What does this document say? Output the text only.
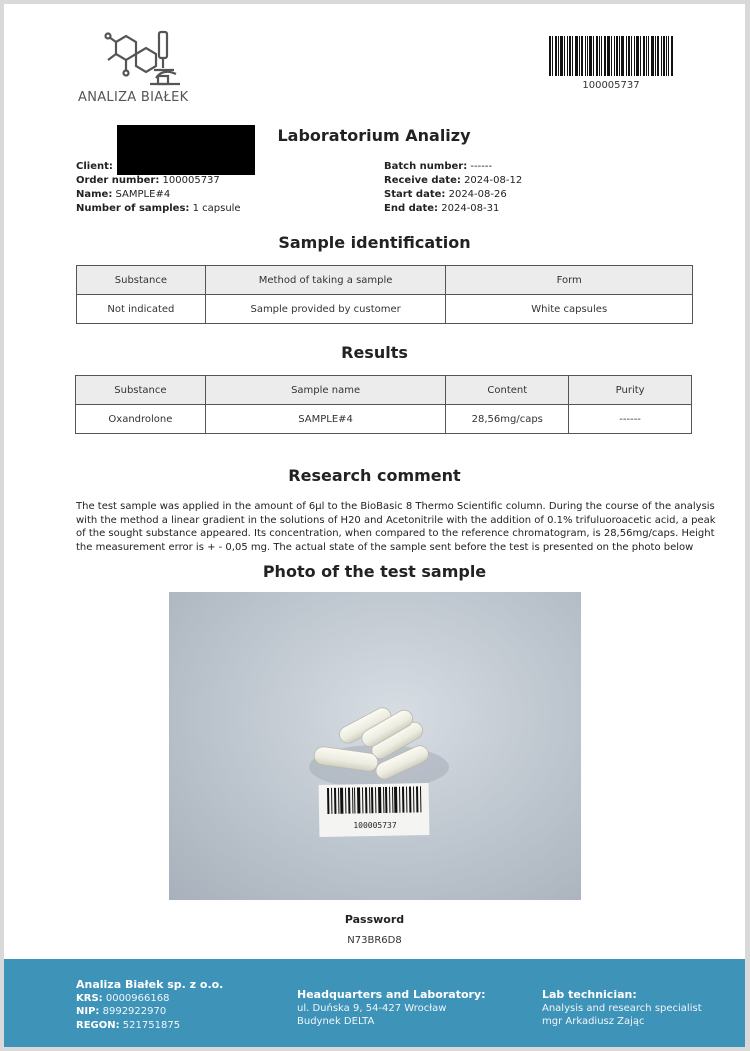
ANALIZA BIAŁEK
100005737
Laboratorium Analizy
Client:
Order number: 100005737
Name: SAMPLE#4
Number of samples: 1 capsule
Batch number: ------
Receive date: 2024-08-12
Start date: 2024-08-26
End date: 2024-08-31
Sample identification
Substance	Method of taking a sample	Form
Not indicated	Sample provided by customer	White capsules
Results
Substance	Sample name	Content	Purity
Oxandrolone	SAMPLE#4	28,56mg/caps	------
Research comment
The test sample was applied in the amount of 6µl to the BioBasic 8 Thermo Scientific column. During the course of the analysis with the method a linear gradient in the solutions of H20 and Acetonitrile with the addition of 0.1% trifuluoroacetic acid, a peak of the sought substance appeared. Its concentration, when compared to the reference chromatogram, is 28,56mg/caps. Height the measurement error is + - 0,05 mg. The actual state of the sample sent before the test is presented on the photo below
Photo of the test sample
100005737
Password
N73BR6D8
Analiza Białek sp. z o.o.
KRS: 0000966168
NIP: 8992922970
REGON: 521751875
Headquarters and Laboratory:
ul. Duńska 9, 54-427 Wrocław
Budynek DELTA
Lab technician:
Analysis and research specialist
mgr Arkadiusz Zając
